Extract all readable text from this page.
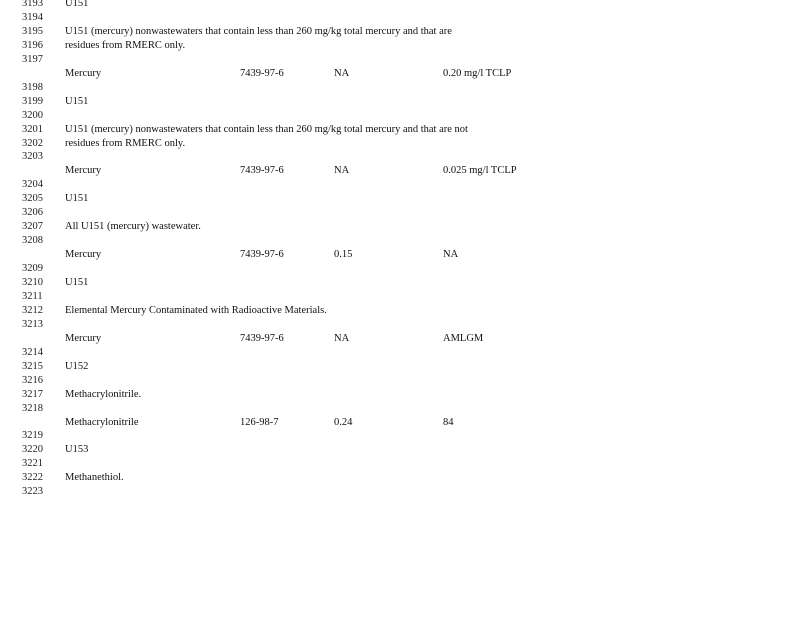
3193	U151
3194
3195	U151 (mercury) nonwastewaters that contain less than 260 mg/kg total mercury and that are
3196	residues from RMERC only.
3197
Mercury	7439-97-6	NA	0.20 mg/l TCLP
3198
3199	U151
3200
3201	U151 (mercury) nonwastewaters that contain less than 260 mg/kg total mercury and that are not
3202	residues from RMERC only.
3203
Mercury	7439-97-6	NA	0.025 mg/l TCLP
3204
3205	U151
3206
3207	All U151 (mercury) wastewater.
3208
Mercury	7439-97-6	0.15	NA
3209
3210	U151
3211
3212	Elemental Mercury Contaminated with Radioactive Materials.
3213
Mercury	7439-97-6	NA	AMLGM
3214
3215	U152
3216
3217	Methacrylonitrile.
3218
Methacrylonitrile	126-98-7	0.24	84
3219
3220	U153
3221
3222	Methanethiol.
3223
